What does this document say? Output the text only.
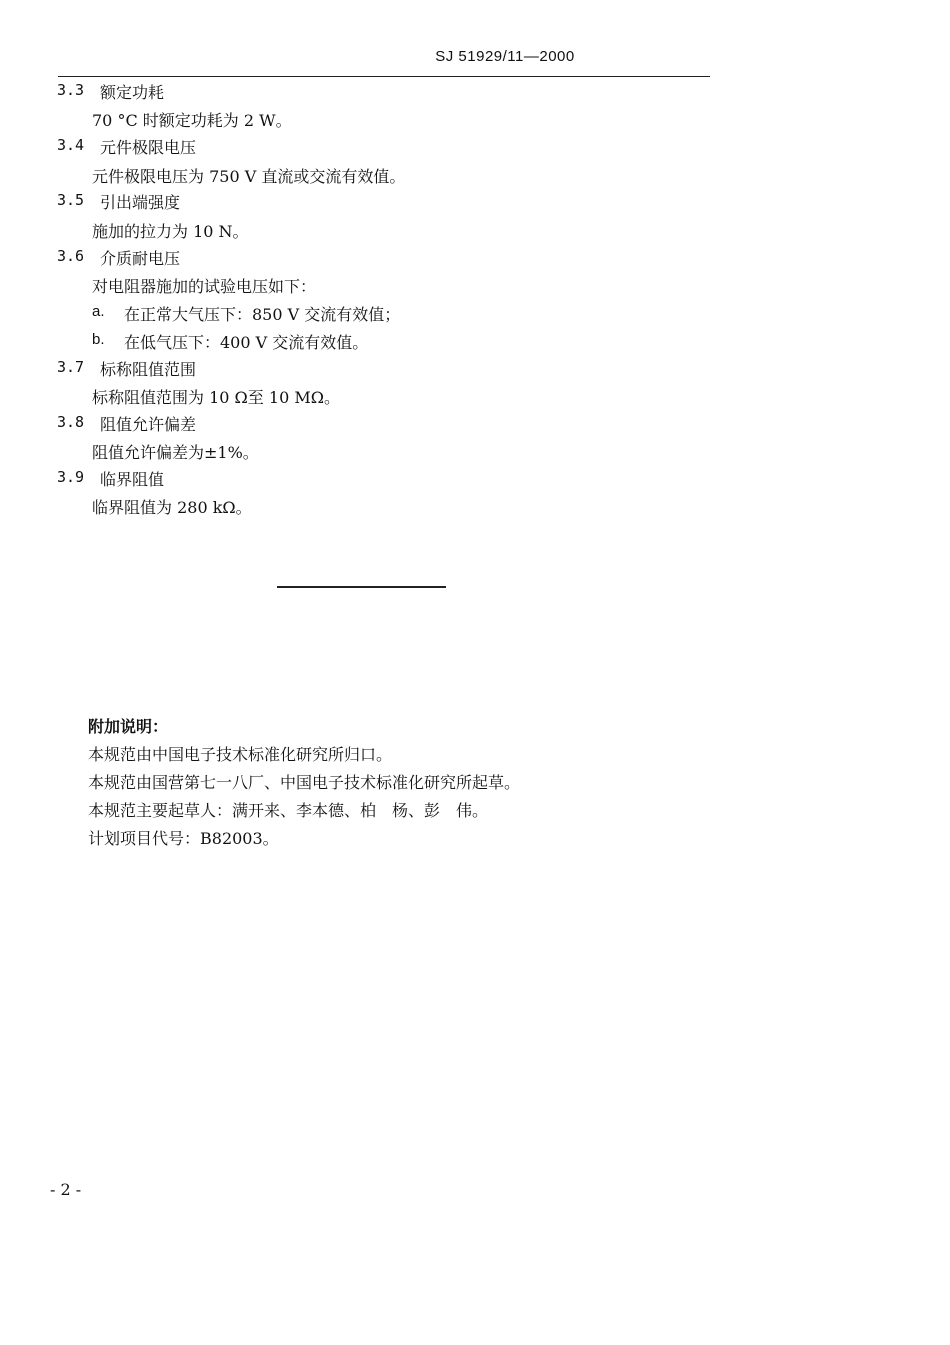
SJ 51929/11—2000
3.3 额定功耗
70 °C 时额定功耗为 2 W。
3.4 元件极限电压
元件极限电压为 750 V 直流或交流有效值。
3.5 引出端强度
施加的拉力为 10 N。
3.6 介质耐电压
对电阻器施加的试验电压如下：
a. 在正常大气压下：850 V 交流有效值；
b. 在低气压下：400 V 交流有效值。
3.7 标称阻值范围
标称阻值范围为 10 Ω至 10 MΩ。
3.8 阻值允许偏差
阻值允许偏差为±1%。
3.9 临界阻值
临界阻值为 280 kΩ。
附加说明：
本规范由中国电子技术标准化研究所归口。
本规范由国营第七一八厂、中国电子技术标准化研究所起草。
本规范主要起草人：满开来、李本德、柏　杨、彭　伟。
计划项目代号：B82003。
- 2 -
